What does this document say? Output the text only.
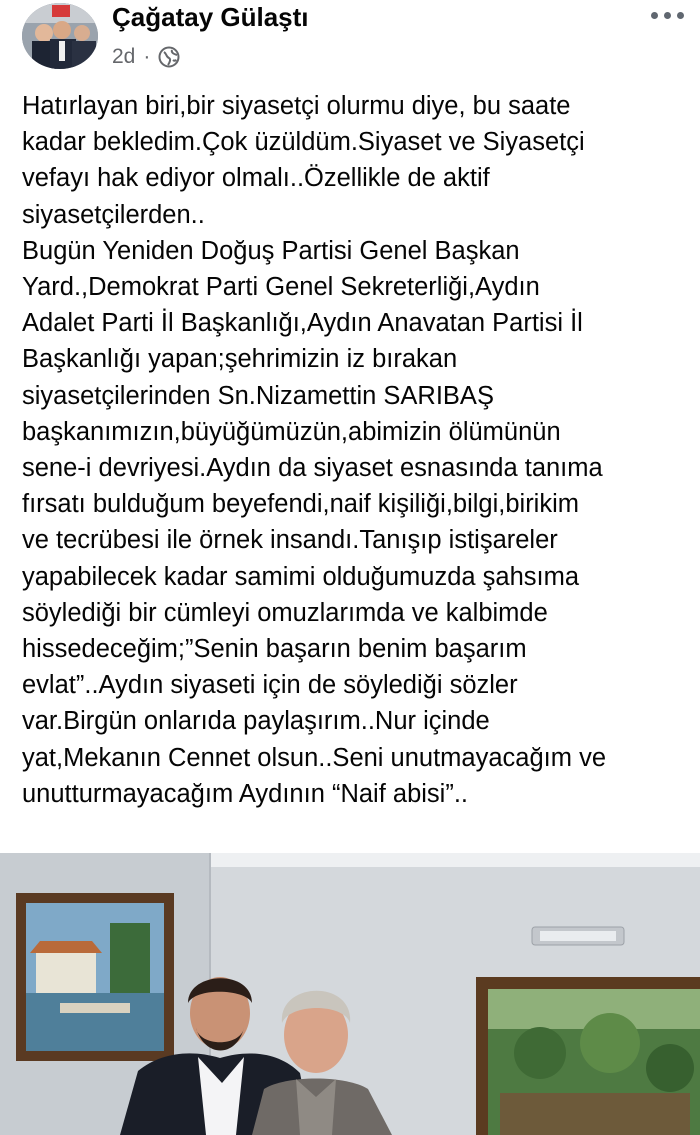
Çağatay Gülaştı
2d ·
Hatırlayan biri,bir siyasetçi olurmu diye, bu saate
kadar bekledim.Çok üzüldüm.Siyaset ve Siyasetçi
vefayı hak ediyor olmalı..Özellikle de aktif
siyasetçilerden..
Bugün Yeniden Doğuş Partisi Genel Başkan
Yard.,Demokrat Parti Genel Sekreterliği,Aydın
Adalet Parti İl Başkanlığı,Aydın Anavatan Partisi İl
Başkanlığı yapan;şehrimizin iz bırakan
siyasetçilerinden Sn.Nizamettin SARIBAŞ
başkanımızın,büyüğümüzün,abimizin ölümünün
sene-i devriyesi.Aydın da siyaset esnasında tanıma
fırsatı bulduğum beyefendi,naif kişiliği,bilgi,birikim
ve tecrübesi ile örnek insandı.Tanışıp istişareler
yapabilecek kadar samimi olduğumuzda şahsıma
söylediği bir cümleyi omuzlarımda ve kalbimde
hissedeceğim;”Senin başarın benim başarım
evlat”..Aydın siyaseti için de söylediği sözler
var.Birgün onlarıda paylaşırım..Nur içinde
yat,Mekanın Cennet olsun..Seni unutmayacağım ve
unutturmayacağım Aydının “Naif abisi”..
